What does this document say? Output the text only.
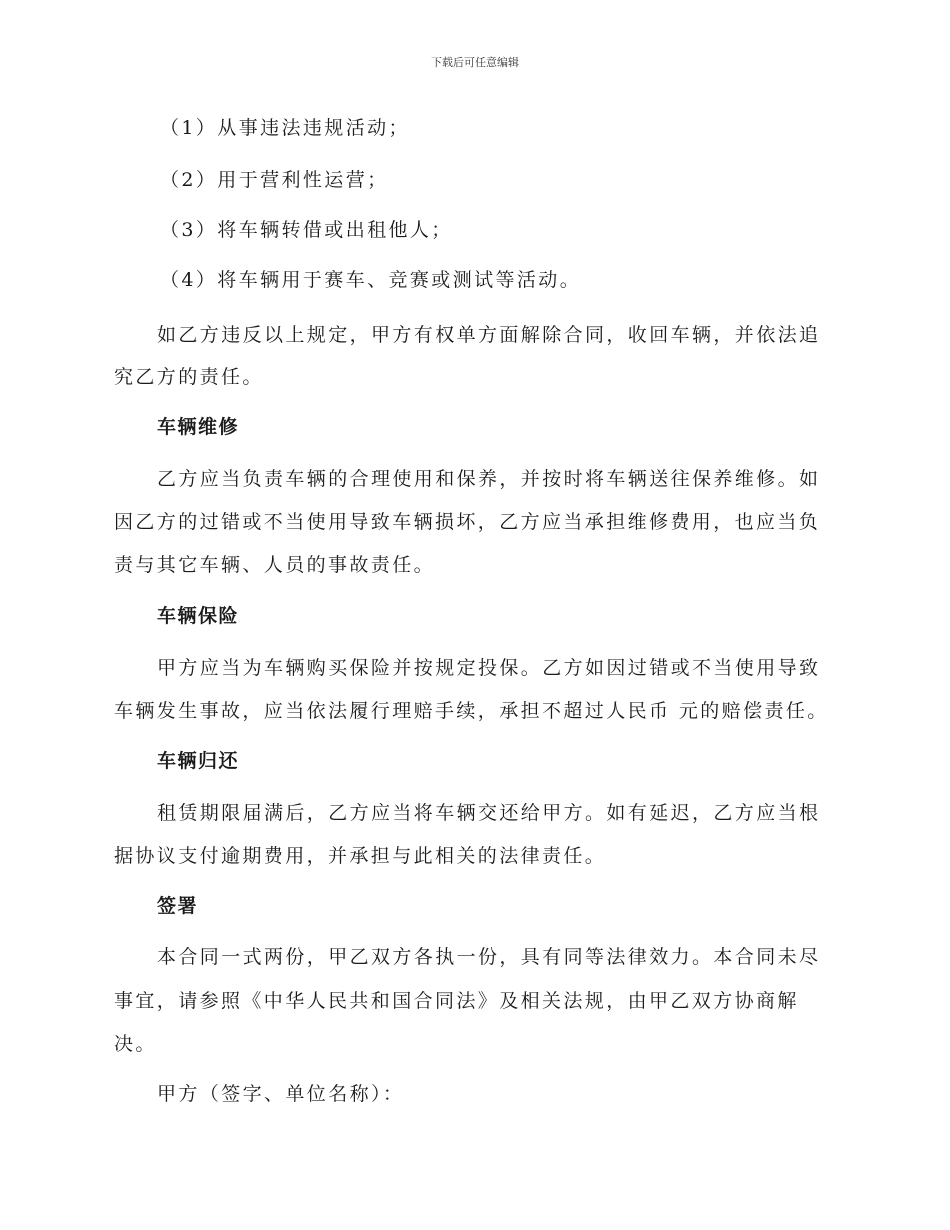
下载后可任意编辑
（1）从事违法违规活动；
（2）用于营利性运营；
（3）将车辆转借或出租他人；
（4）将车辆用于赛车、竞赛或测试等活动。
如乙方违反以上规定，甲方有权单方面解除合同，收回车辆，并依法追
究乙方的责任。
车辆维修
乙方应当负责车辆的合理使用和保养，并按时将车辆送往保养维修。如
因乙方的过错或不当使用导致车辆损坏，乙方应当承担维修费用，也应当负
责与其它车辆、人员的事故责任。
车辆保险
甲方应当为车辆购买保险并按规定投保。乙方如因过错或不当使用导致
车辆发生事故，应当依法履行理赔手续，承担不超过人民币 元的赔偿责任。
车辆归还
租赁期限届满后，乙方应当将车辆交还给甲方。如有延迟，乙方应当根
据协议支付逾期费用，并承担与此相关的法律责任。
签署
本合同一式两份，甲乙双方各执一份，具有同等法律效力。本合同未尽
事宜，请参照《中华人民共和国合同法》及相关法规，由甲乙双方协商解
决。
甲方（签字、单位名称）：
